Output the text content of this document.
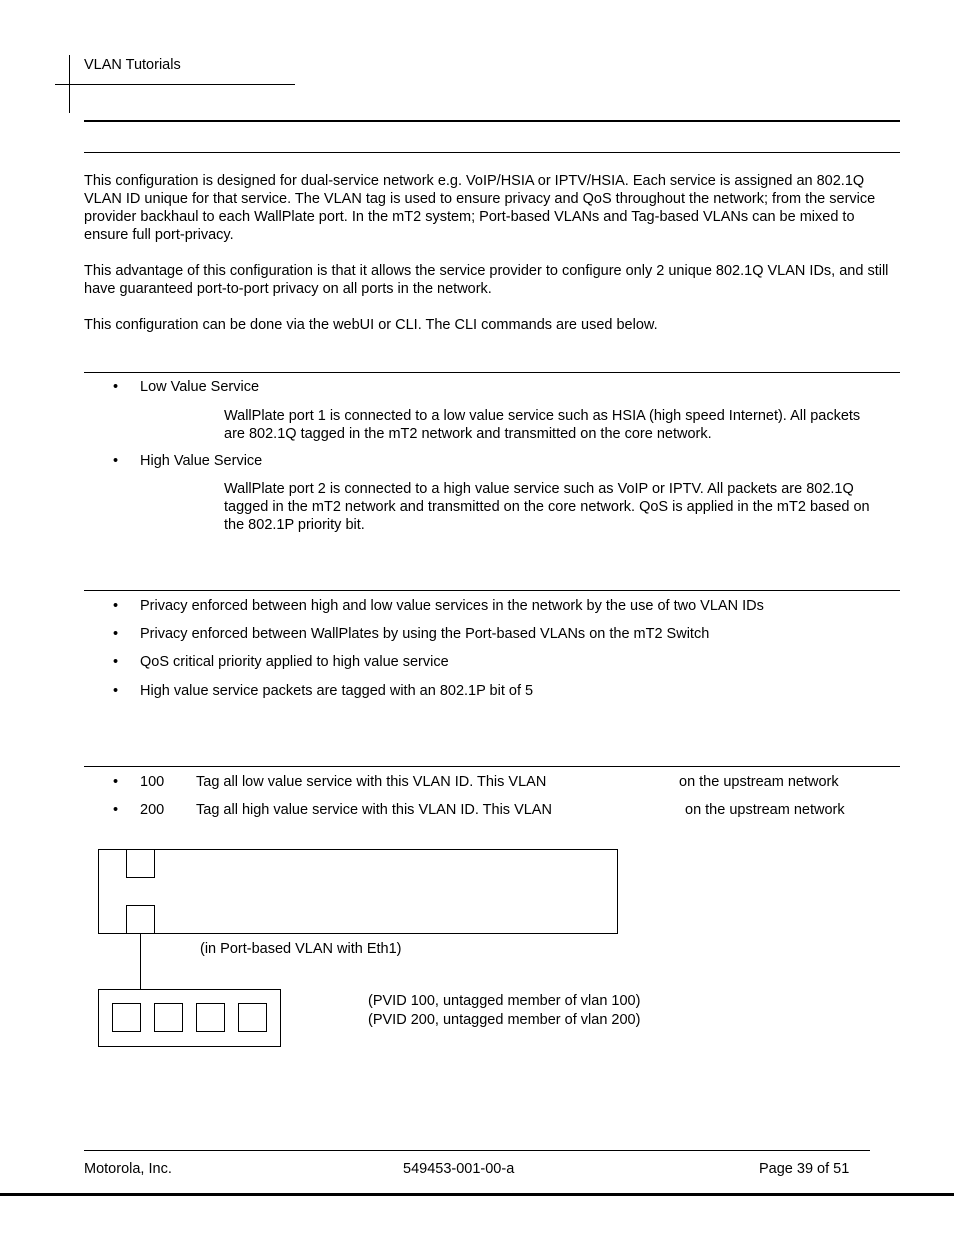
VLAN Tutorials
This configuration is designed for dual-service network e.g. VoIP/HSIA or IPTV/HSIA. Each service is assigned an 802.1Q VLAN ID unique for that service. The VLAN tag is used to ensure privacy and QoS throughout the network; from the service provider backhaul to each WallPlate port. In the mT2 system; Port-based VLANs and Tag-based VLANs can be mixed to ensure full port-privacy.
This advantage of this configuration is that it allows the service provider to configure only 2 unique 802.1Q VLAN IDs, and still have guaranteed port-to-port privacy on all ports in the network.
This configuration can be done via the webUI or CLI. The CLI commands are used below.
• Low Value Service
WallPlate port 1 is connected to a low value service such as HSIA (high speed Internet). All packets are 802.1Q tagged in the mT2 network and transmitted on the core network.
• High Value Service
WallPlate port 2 is connected to a high value service such as VoIP or IPTV. All packets are 802.1Q tagged in the mT2 network and transmitted on the core network. QoS is applied in the mT2 based on the 802.1P priority bit.
• Privacy enforced between high and low value services in the network by the use of two VLAN IDs
• Privacy enforced between WallPlates by using the Port-based VLANs on the mT2 Switch
• QoS critical priority applied to high value service
• High value service packets are tagged with an 802.1P bit of 5
• 100 Tag all low value service with this VLAN ID. This VLAN	on the upstream network
• 200 Tag all high value service with this VLAN ID. This VLAN	on the upstream network
(in Port-based VLAN with Eth1)
(PVID 100, untagged member of vlan 100)
(PVID 200, untagged member of vlan 200)
Motorola, Inc.	549453-001-00-a	Page 39 of 51
